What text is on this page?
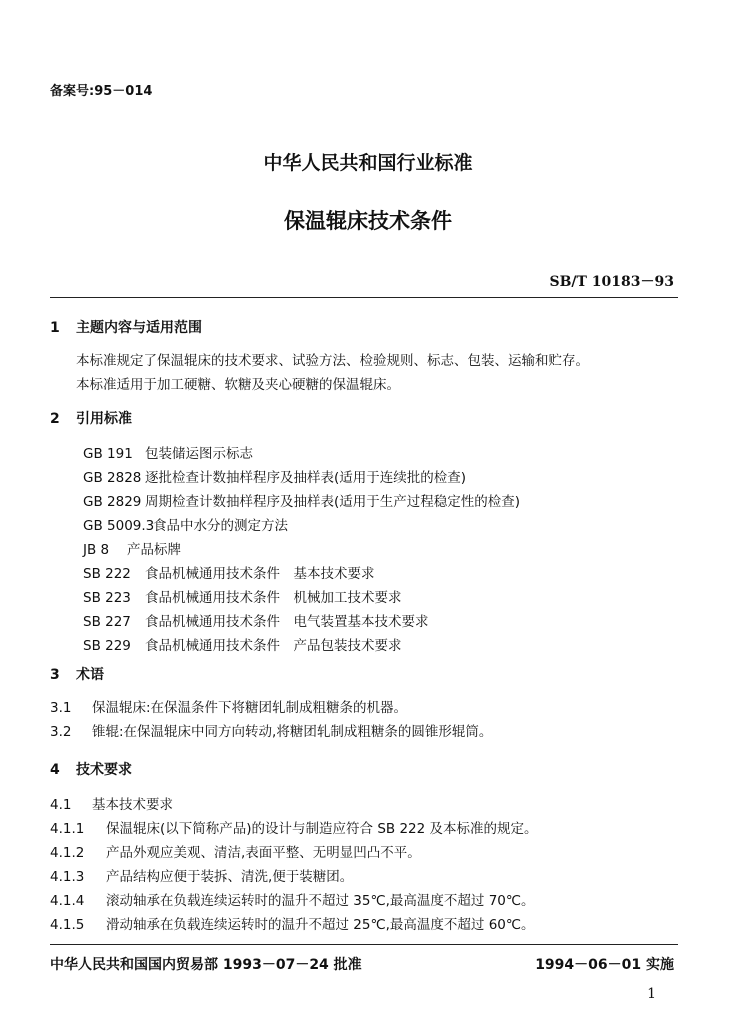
备案号:95－014
中华人民共和国行业标准
保温辊床技术条件
SB/T 10183－93
1 主题内容与适用范围
本标准规定了保温辊床的技术要求、试验方法、检验规则、标志、包装、运输和贮存。
本标准适用于加工硬糖、软糖及夹心硬糖的保温辊床。
2 引用标准
GB 191 包装储运图示标志
GB 2828 逐批检查计数抽样程序及抽样表(适用于连续批的检查)
GB 2829 周期检查计数抽样程序及抽样表(适用于生产过程稳定性的检查)
GB 5009.3食品中水分的测定方法
JB 8 产品标牌
SB 222 食品机械通用技术条件　基本技术要求
SB 223 食品机械通用技术条件　机械加工技术要求
SB 227 食品机械通用技术条件　电气装置基本技术要求
SB 229 食品机械通用技术条件　产品包装技术要求
3 术语
3.1 保温辊床:在保温条件下将糖团轧制成粗糖条的机器。
3.2 锥辊:在保温辊床中同方向转动,将糖团轧制成粗糖条的圆锥形辊筒。
4 技术要求
4.1 基本技术要求
4.1.1 保温辊床(以下简称产品)的设计与制造应符合 SB 222 及本标准的规定。
4.1.2 产品外观应美观、清洁,表面平整、无明显凹凸不平。
4.1.3 产品结构应便于装拆、清洗,便于装糖团。
4.1.4 滚动轴承在负载连续运转时的温升不超过 35℃,最高温度不超过 70℃。
4.1.5 滑动轴承在负载连续运转时的温升不超过 25℃,最高温度不超过 60℃。
中华人民共和国国内贸易部 1993－07－24 批准	1994－06－01 实施
1
